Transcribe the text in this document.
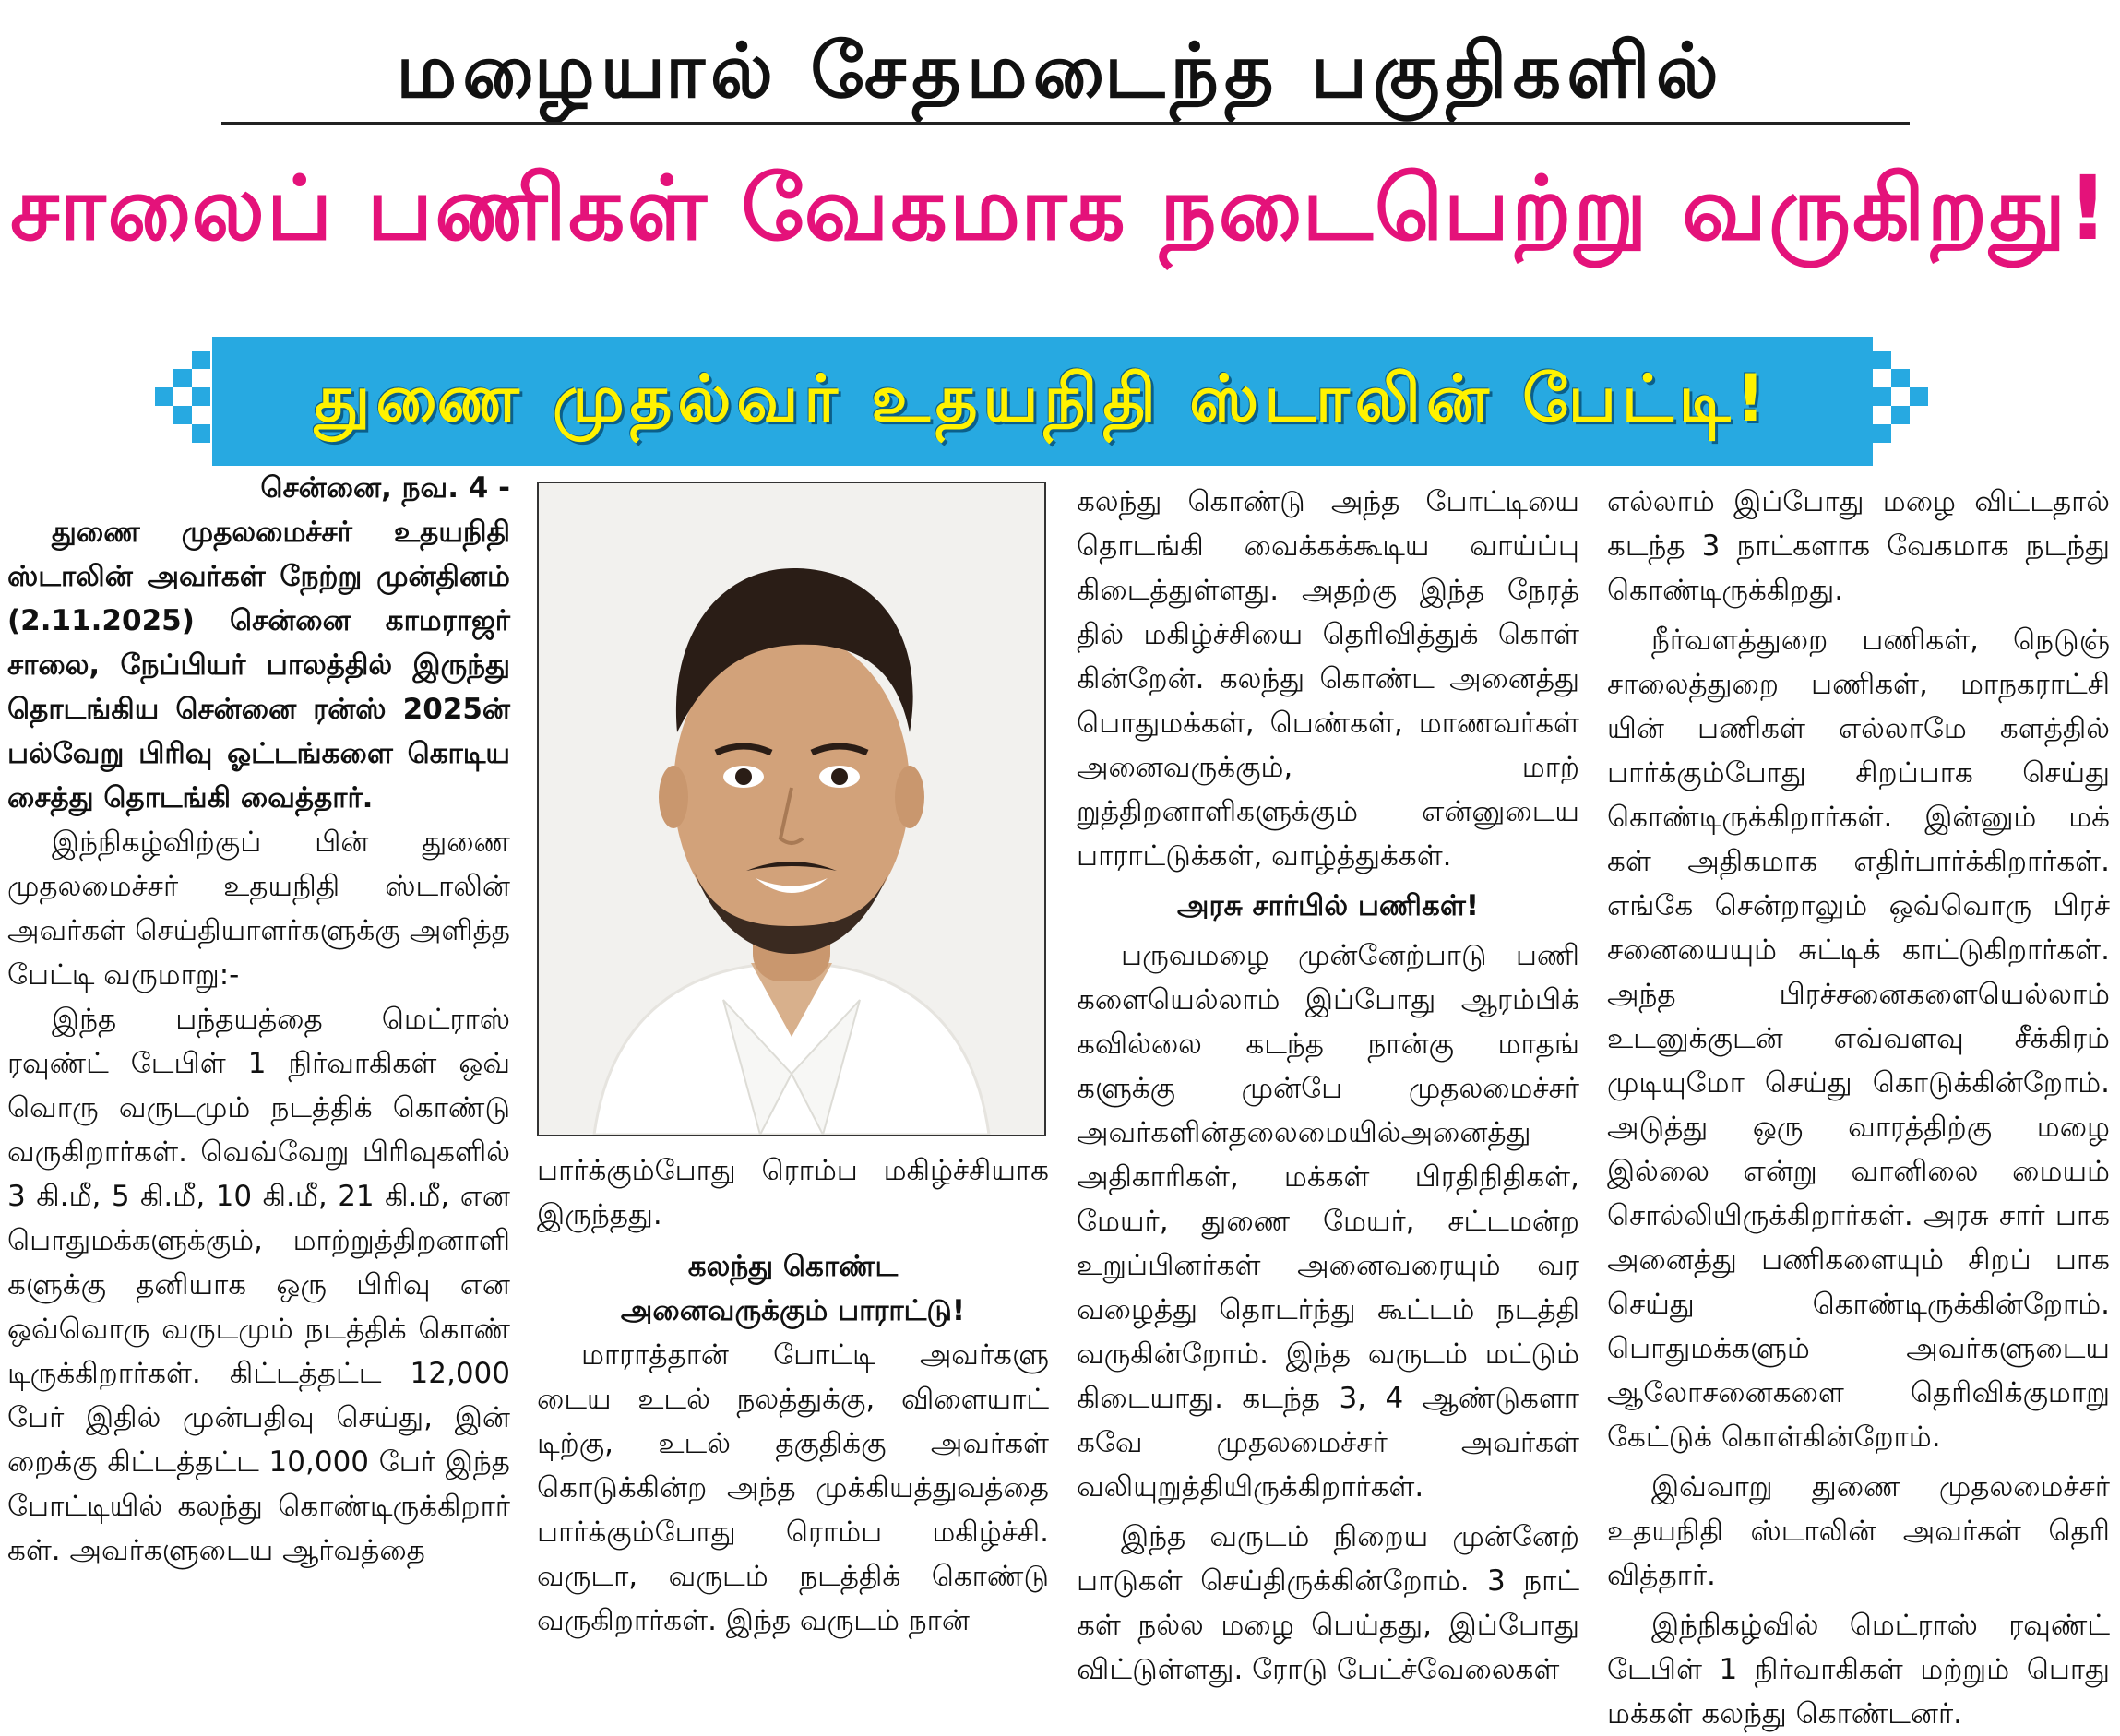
மழையால் சேதமடைந்த பகுதிகளில்
சாலைப் பணிகள் வேகமாக நடைபெற்று வருகிறது!
துணை முதல்வர் உதயநிதி ஸ்டாலின் பேட்டி!

சென்னை, நவ. 4 -

துணை முதலமைச்சர் உதயநிதி ஸ்டாலின் அவர்கள் நேற்று முன்தினம் (2.11.2025) சென்னை காமராஜர் சாலை, நேப்பியர் பாலத்தில் இருந்து தொடங்கிய சென்னை ரன்ஸ் 2025ன் பல்வேறு பிரிவு ஓட்டங்களை கொடிய சைத்து தொடங்கி வைத்தார்.

இந்நிகழ்விற்குப் பின் துணை முதலமைச்சர் உதயநிதி ஸ்டாலின் அவர்கள் செய்தியாளர்களுக்கு அளித்த பேட்டி வருமாறு:-

இந்த பந்தயத்தை மெட்ராஸ் ரவுண்ட் டேபிள் 1 நிர்வாகிகள் ஒவ் வொரு வருடமும் நடத்திக் கொண்டு வருகிறார்கள். வெவ்வேறு பிரிவுகளில் 3 கி.மீ, 5 கி.மீ, 10 கி.மீ, 21 கி.மீ, என பொதுமக்களுக்கும், மாற்றுத்திறனாளி களுக்கு தனியாக ஒரு பிரிவு என ஒவ்வொரு வருடமும் நடத்திக் கொண் டிருக்கிறார்கள். கிட்டத்தட்ட 12,000 பேர் இதில் முன்பதிவு செய்து, இன் றைக்கு கிட்டத்தட்ட 10,000 பேர் இந்த போட்டியில் கலந்து கொண்டிருக்கிறார் கள். அவர்களுடைய ஆர்வத்தை

பார்க்கும்போது ரொம்ப மகிழ்ச்சியாக இருந்தது.

கலந்து கொண்ட

அனைவருக்கும் பாராட்டு!

மாராத்தான் போட்டி அவர்களு டைய உடல் நலத்துக்கு, விளையாட் டிற்கு, உடல் தகுதிக்கு அவர்கள் கொடுக்கின்ற அந்த முக்கியத்துவத்தை பார்க்கும்போது ரொம்ப மகிழ்ச்சி. வருடா, வருடம் நடத்திக் கொண்டு வருகிறார்கள். இந்த வருடம் நான்

கலந்து கொண்டு அந்த போட்டியை தொடங்கி வைக்கக்கூடிய வாய்ப்பு கிடைத்துள்ளது. அதற்கு இந்த நேரத் தில் மகிழ்ச்சியை தெரிவித்துக் கொள் கின்றேன். கலந்து கொண்ட அனைத்து பொதுமக்கள், பெண்கள், மாணவர்கள் அனைவருக்கும், மாற் றுத்திறனாளிகளுக்கும் என்னுடைய பாராட்டுக்கள், வாழ்த்துக்கள்.

அரசு சார்பில் பணிகள்!

பருவமழை முன்னேற்பாடு பணி களையெல்லாம் இப்போது ஆரம்பிக் கவில்லை கடந்த நான்கு மாதங் களுக்கு முன்பே முதலமைச்சர் அவர்களின்தலைமையில்அனைத்து அதிகாரிகள், மக்கள் பிரதிநிதிகள், மேயர், துணை மேயர், சட்டமன்ற உறுப்பினர்கள் அனைவரையும் வர வழைத்து தொடர்ந்து கூட்டம் நடத்தி வருகின்றோம். இந்த வருடம் மட்டும் கிடையாது. கடந்த 3, 4 ஆண்டுகளா கவே முதலமைச்சர் அவர்கள் வலியுறுத்தியிருக்கிறார்கள்.

இந்த வருடம் நிறைய முன்னேற் பாடுகள் செய்திருக்கின்றோம். 3 நாட் கள் நல்ல மழை பெய்தது, இப்போது விட்டுள்ளது. ரோடு பேட்ச்வேலைகள்

எல்லாம் இப்போது மழை விட்டதால் கடந்த 3 நாட்களாக வேகமாக நடந்து கொண்டிருக்கிறது.

நீர்வளத்துறை பணிகள், நெடுஞ் சாலைத்துறை பணிகள், மாநகராட்சி யின் பணிகள் எல்லாமே களத்தில் பார்க்கும்போது சிறப்பாக செய்து கொண்டிருக்கிறார்கள். இன்னும் மக் கள் அதிகமாக எதிர்பார்க்கிறார்கள். எங்கே சென்றாலும் ஒவ்வொரு பிரச் சனையையும் சுட்டிக் காட்டுகிறார்கள். அந்த பிரச்சனைகளையெல்லாம் உடனுக்குடன் எவ்வளவு சீக்கிரம் முடியுமோ செய்து கொடுக்கின்றோம். அடுத்து ஒரு வாரத்திற்கு மழை இல்லை என்று வானிலை மையம் சொல்லியிருக்கிறார்கள். அரசு சார் பாக அனைத்து பணிகளையும் சிறப் பாக செய்து கொண்டிருக்கின்றோம். பொதுமக்களும் அவர்களுடைய ஆலோசனைகளை தெரிவிக்குமாறு கேட்டுக் கொள்கின்றோம்.

இவ்வாறு துணை முதலமைச்சர் உதயநிதி ஸ்டாலின் அவர்கள் தெரி வித்தார்.

இந்நிகழ்வில் மெட்ராஸ் ரவுண்ட் டேபிள் 1 நிர்வாகிகள் மற்றும் பொது மக்கள் கலந்து கொண்டனர்.
